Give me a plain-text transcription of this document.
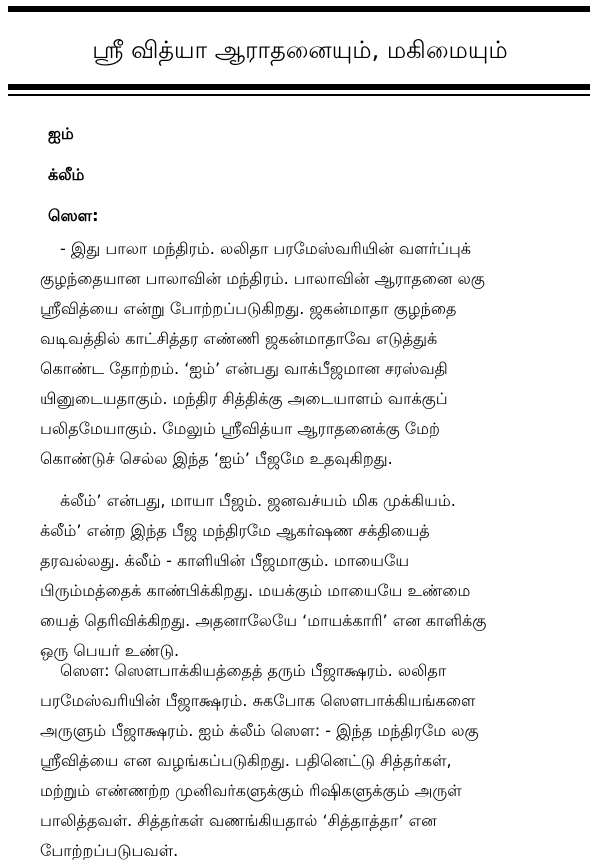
ஸ்ரீ வித்யா ஆராதனையும், மகிமையும்

ஐம்

க்லீம்

ஸௌ:

- இது பாலா மந்திரம். லலிதா பரமேஸ்வரியின் வளர்ப்புக்
குழந்தையான பாலாவின் மந்திரம். பாலாவின் ஆராதனை லகு
ஸ்ரீவித்யை என்று போற்றப்படுகிறது. ஜகன்மாதா குழந்தை
வடிவத்தில் காட்சித்தர எண்ணி ஜகன்மாதாவே எடுத்துக்
கொண்ட தோற்றம். ‘ஐம்’ என்பது வாக்பீஜமான சரஸ்வதி
யினுடையதாகும். மந்திர சித்திக்கு அடையாளம் வாக்குப்
பலிதமேயாகும். மேலும் ஸ்ரீவித்யா ஆராதனைக்கு மேற்
கொண்டுச் செல்ல இந்த ‘ஐம்’ பீஜமே உதவுகிறது.
க்லீம்’ என்பது, மாயா பீஜம். ஜனவச்யம் மிக முக்கியம்.
க்லீம்’ என்ற இந்த பீஜ மந்திரமே ஆகர்ஷண சக்தியைத்
தரவல்லது. க்லீம் - காளியின் பீஜமாகும். மாயையே
பிரும்மத்தைக் காண்பிக்கிறது. மயக்கும் மாயையே உண்மை
யைத் தெரிவிக்கிறது. அதனாலேயே ‘மாயக்காரி’ என காளிக்கு
ஒரு பெயர் உண்டு.
ஸௌ: ஸௌபாக்கியத்தைத் தரும் பீஜாக்ஷரம். லலிதா
பரமேஸ்வரியின் பீஜாக்ஷரம். சுகபோக ஸௌபாக்கியங்களை
அருளும் பீஜாக்ஷரம். ஐம் க்லீம் ஸௌ: - இந்த மந்திரமே லகு
ஸ்ரீவித்யை என வழங்கப்படுகிறது. பதினெட்டு சித்தர்கள்,
மற்றும் எண்ணற்ற முனிவர்களுக்கும் ரிஷிகளுக்கும் அருள்
பாலித்தவள். சித்தர்கள் வணங்கியதால் ‘சித்தாத்தா’ என
போற்றப்படுபவள்.
